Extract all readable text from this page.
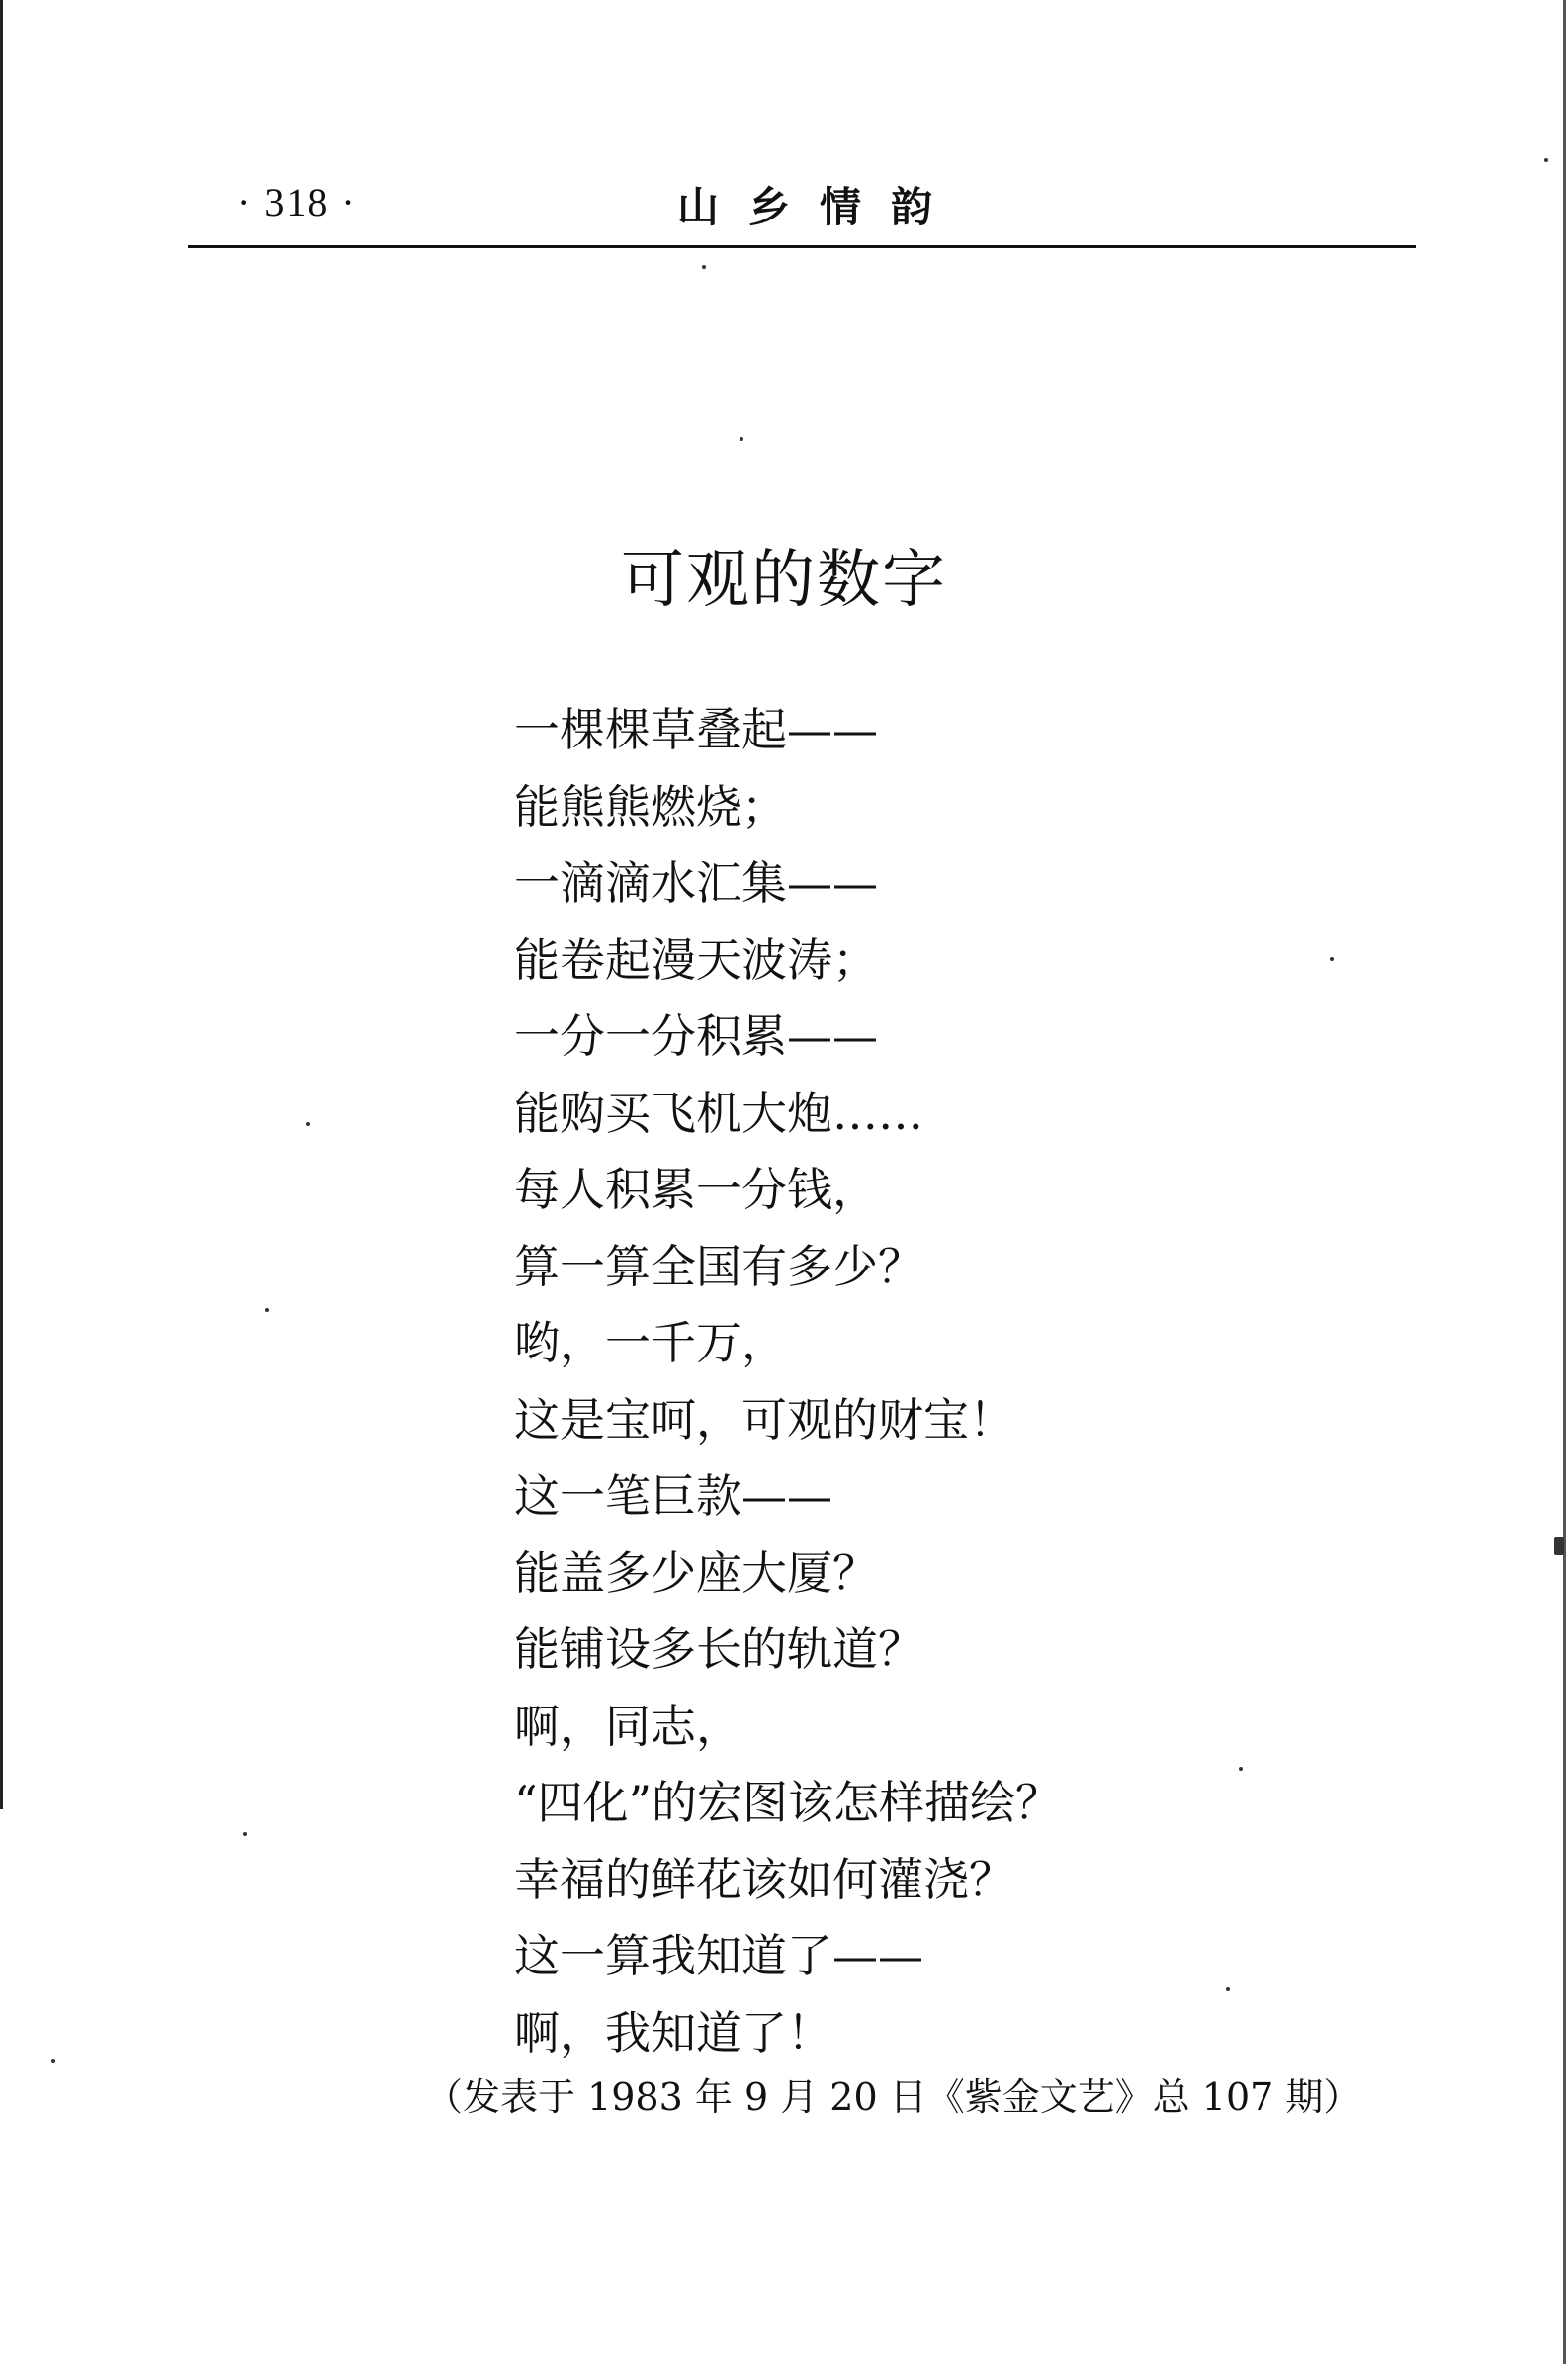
· 318 ·	山乡情韵
可观的数字
一棵棵草叠起——
能熊熊燃烧；
一滴滴水汇集——
能卷起漫天波涛；
一分一分积累——
能购买飞机大炮……
每人积累一分钱，
算一算全国有多少？
哟，一千万，
这是宝呵，可观的财宝！
这一笔巨款——
能盖多少座大厦？
能铺设多长的轨道？
啊，同志，
“四化”的宏图该怎样描绘？
幸福的鲜花该如何灌浇？
这一算我知道了——
啊，我知道了！
（发表于 1983 年 9 月 20 日《紫金文艺》总 107 期）
